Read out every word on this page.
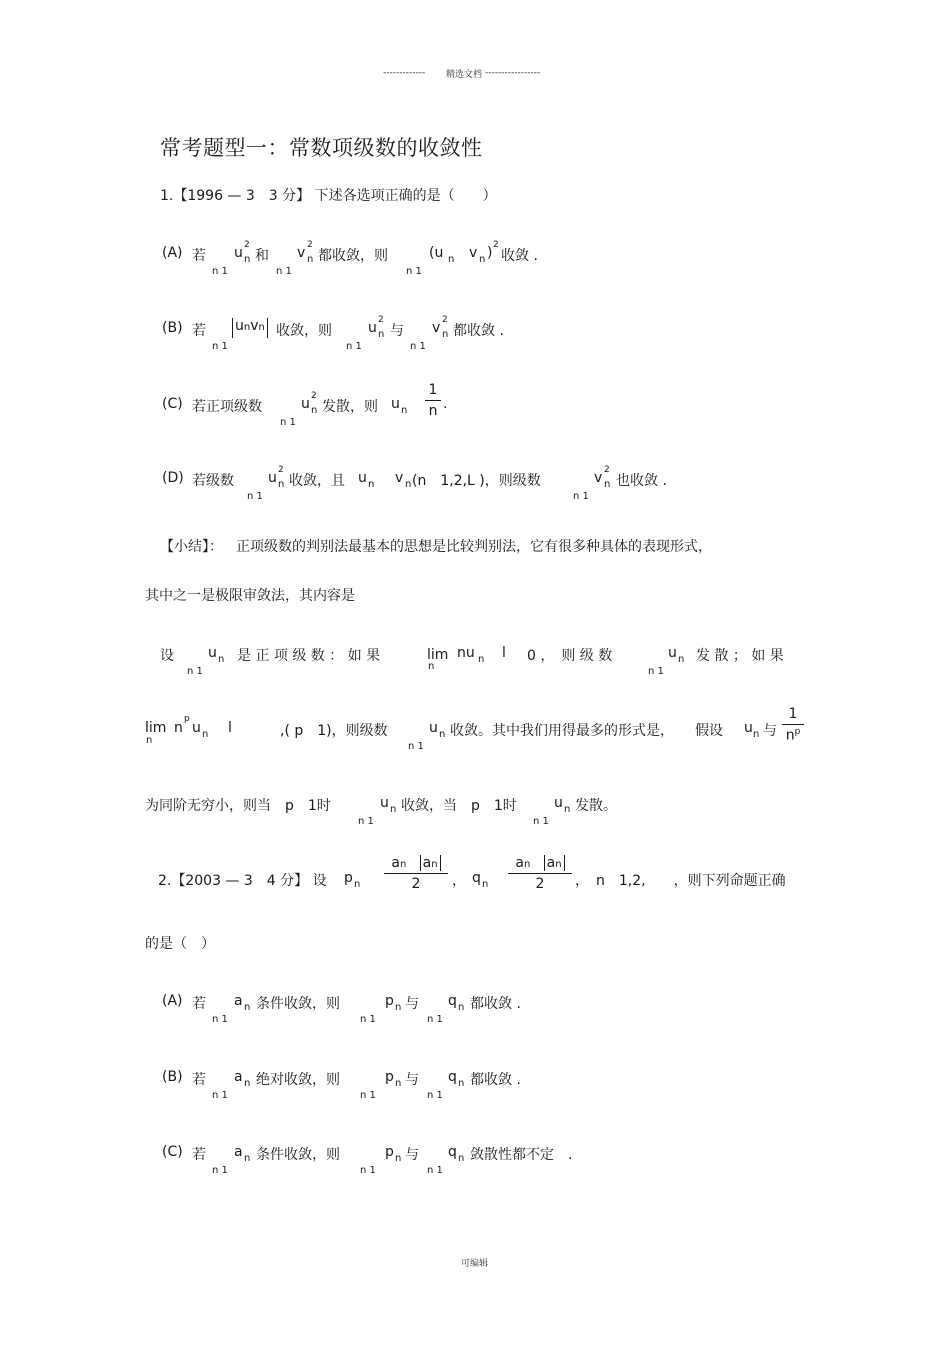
------------- 精选文档 -----------------
常考题型一：常数项级数的收敛性
1.【1996 — 3　3 分】 下述各选项正确的是（　　）
(A) 若
n 1
u n
2
和
n 1
v n
2
都收敛，则
n 1
(u n v n ) 2
收敛 .
(B) 若
n 1
unvn 收敛，则
n 1
u n
2
与
n 1
v n
2
都收敛 .
(C) 若正项级数
n 1
u n
2
发散，则 u n
1
n .
(D) 若级数
n 1
u n
2
收敛，且 u n v n (n　1,2,L )，则级数
n 1
v n
2
也收敛 .
【小结】： 正项级数的判别法最基本的思想是比较判别法，它有很多种具体的表现形式，
其中之一是极限审敛法，其内容是
设
n 1
u n 是 正 项 级 数 ： 如 果	lim
n
nu n l 0 ，　则 级 数
n 1
u n 发 散 ； 如 果
lim
n
n
p
u n l	,( p　1)，则级数
n 1
u n 收敛。其中我们用得最多的形式是，　　假设 u n 与
1
$n^p$
为同阶无穷小，则当　p　1时
n 1
u n 收敛，当　p　1时
n 1
u n 发散。
2.【2003 — 3　4 分】 设 p n
an an
2	， q n
an an
2	，　n　1,2,　　，则下列命题正确
的是（　）
(A) 若
n 1
a n 条件收敛，则
n 1
p n 与
n 1
q n 都收敛 .
(B) 若
n 1
a n 绝对收敛，则
n 1
p n 与
n 1
q n 都收敛 .
(C) 若
n 1
a n 条件收敛，则
n 1
p n 与
n 1
q n 敛散性都不定　.
可编辑
